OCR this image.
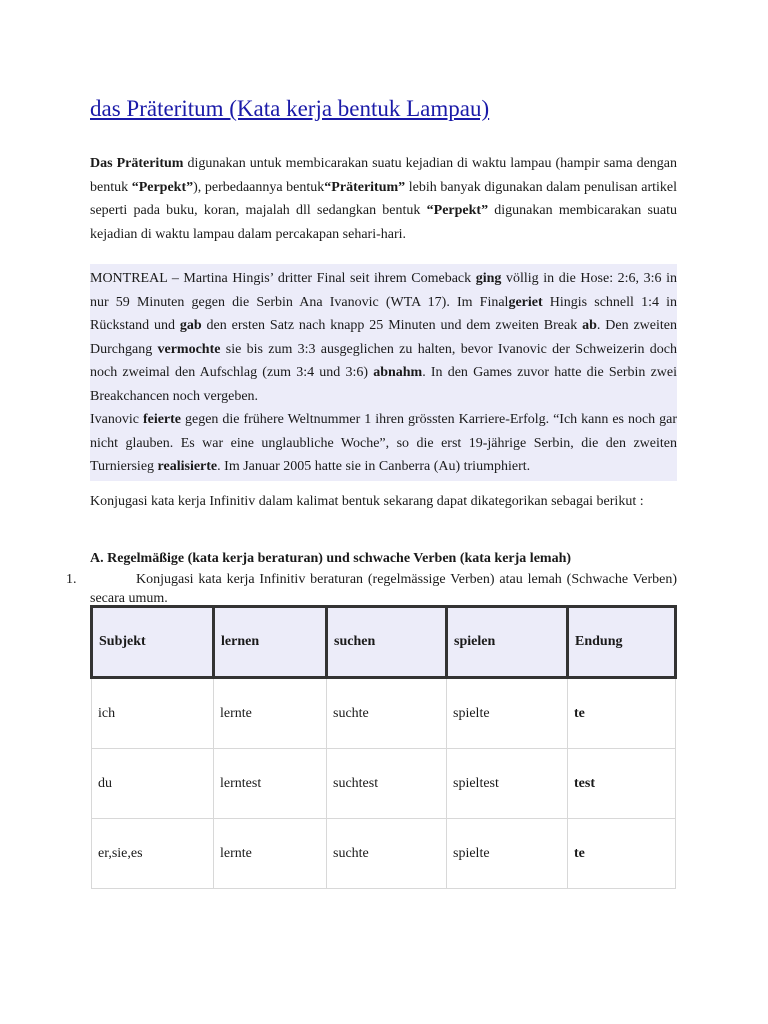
das Präteritum (Kata kerja bentuk Lampau)
Das Präteritum digunakan untuk membicarakan suatu kejadian di waktu lampau (hampir sama dengan bentuk “Perpekt”), perbedaannya bentuk“Präteritum” lebih banyak digunakan dalam penulisan artikel seperti pada buku, koran, majalah dll sedangkan bentuk “Perpekt” digunakan membicarakan suatu kejadian di waktu lampau dalam percakapan sehari-hari.

MONTREAL – Martina Hingis’ dritter Final seit ihrem Comeback ging völlig in die Hose: 2:6, 3:6 in nur 59 Minuten gegen die Serbin Ana Ivanovic (WTA 17). Im Finalgeriet Hingis schnell 1:4 in Rückstand und gab den ersten Satz nach knapp 25 Minuten und dem zweiten Break ab. Den zweiten Durchgang vermochte sie bis zum 3:3 ausgeglichen zu halten, bevor Ivanovic der Schweizerin doch noch zweimal den Aufschlag (zum 3:4 und 3:6) abnahm. In den Games zuvor hatte die Serbin zwei Breakchancen noch vergeben.

Ivanovic feierte gegen die frühere Weltnummer 1 ihren grössten Karriere-Erfolg. “Ich kann es noch gar nicht glauben. Es war eine unglaubliche Woche”, so die erst 19-jährige Serbin, die den zweiten Turniersieg realisierte. Im Januar 2005 hatte sie in Canberra (Au) triumphiert.

Konjugasi kata kerja Infinitiv dalam kalimat bentuk sekarang dapat dikategorikan sebagai berikut :
A. Regelmäßige (kata kerja beraturan) und schwache Verben (kata kerja lemah)
1.	Konjugasi kata kerja Infinitiv beraturan (regelmässige Verben) atau lemah (Schwache Verben) secara umum.
Subjekt	lernen	suchen	spielen	Endung
ich	lernte	suchte	spielte	te
du	lerntest	suchtest	spieltest	test
er,sie,es	lernte	suchte	spielte	te
